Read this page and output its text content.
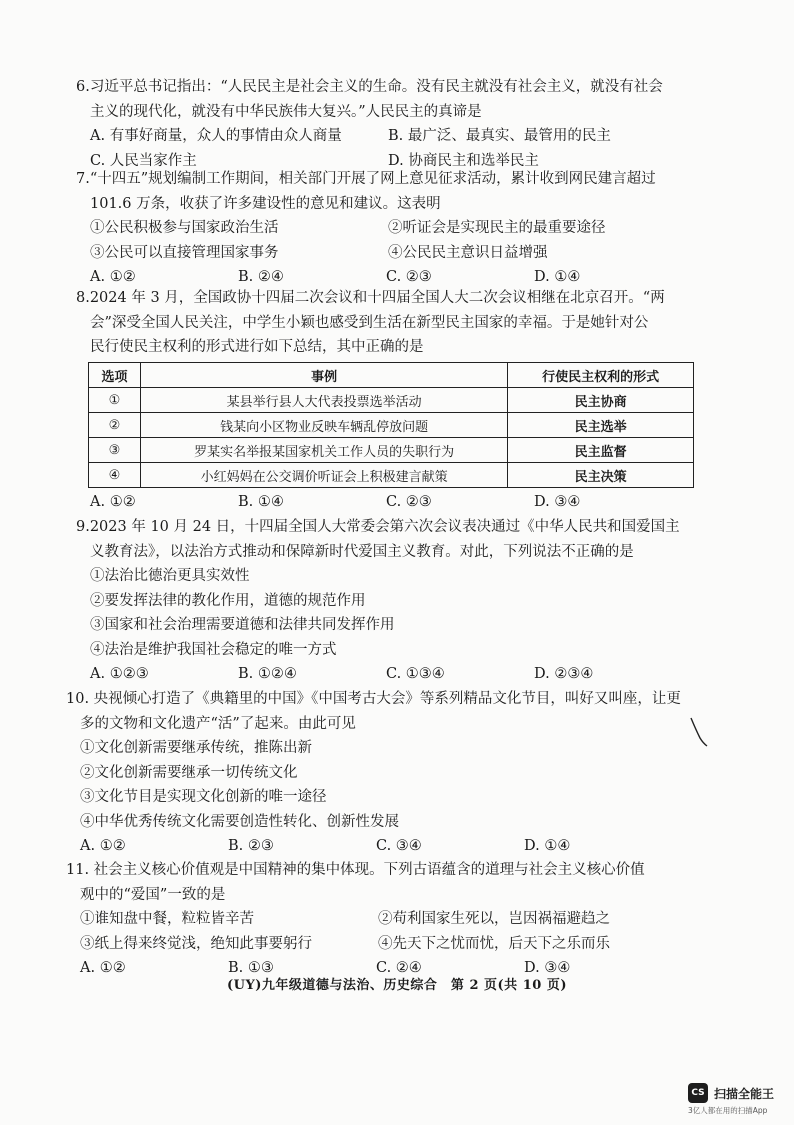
6.习近平总书记指出：“人民民主是社会主义的生命。没有民主就没有社会主义，就没有社会

主义的现代化，就没有中华民族伟大复兴。”人民民主的真谛是

A. 有事好商量，众人的事情由众人商量	B. 最广泛、最真实、最管用的民主
C. 人民当家作主	D. 协商民主和选举民主

7.“十四五”规划编制工作期间，相关部门开展了网上意见征求活动，累计收到网民建言超过

101.6 万条，收获了许多建设性的意见和建议。这表明

①公民积极参与国家政治生活	②听证会是实现民主的最重要途径
③公民可以直接管理国家事务	④公民民主意识日益增强
A. ①②	B. ②④	C. ②③	D. ①④

8.2024 年 3 月，全国政协十四届二次会议和十四届全国人大二次会议相继在北京召开。“两

会”深受全国人民关注，中学生小颖也感受到生活在新型民主国家的幸福。于是她针对公

民行使民主权利的形式进行如下总结，其中正确的是

选项	事例	行使民主权利的形式
①	某县举行县人大代表投票选举活动	民主协商
②	钱某向小区物业反映车辆乱停放问题	民主选举
③	罗某实名举报某国家机关工作人员的失职行为	民主监督
④	小红妈妈在公交调价听证会上积极建言献策	民主决策
A. ①②	B. ①④	C. ②③	D. ③④

9.2023 年 10 月 24 日，十四届全国人大常委会第六次会议表决通过《中华人民共和国爱国主

义教育法》，以法治方式推动和保障新时代爱国主义教育。对此，下列说法不正确的是

①法治比德治更具实效性

②要发挥法律的教化作用，道德的规范作用

③国家和社会治理需要道德和法律共同发挥作用

④法治是维护我国社会稳定的唯一方式

A. ①②③	B. ①②④	C. ①③④	D. ②③④

10. 央视倾心打造了《典籍里的中国》《中国考古大会》等系列精品文化节目，叫好又叫座，让更

多的文物和文化遗产“活”了起来。由此可见

①文化创新需要继承传统，推陈出新

②文化创新需要继承一切传统文化

③文化节目是实现文化创新的唯一途径

④中华优秀传统文化需要创造性转化、创新性发展

A. ①②	B. ②③	C. ③④	D. ①④

11. 社会主义核心价值观是中国精神的集中体现。下列古语蕴含的道理与社会主义核心价值

观中的“爱国”一致的是

①谁知盘中餐，粒粒皆辛苦	②苟利国家生死以，岂因祸福避趋之
③纸上得来终觉浅，绝知此事要躬行	④先天下之忧而忧，后天下之乐而乐
A. ①②	B. ①③	C. ②④	D. ③④
(UY)九年级道德与法治、历史综合　第 2 页(共 10 页)
CS 扫描全能王
3亿人都在用的扫描App
